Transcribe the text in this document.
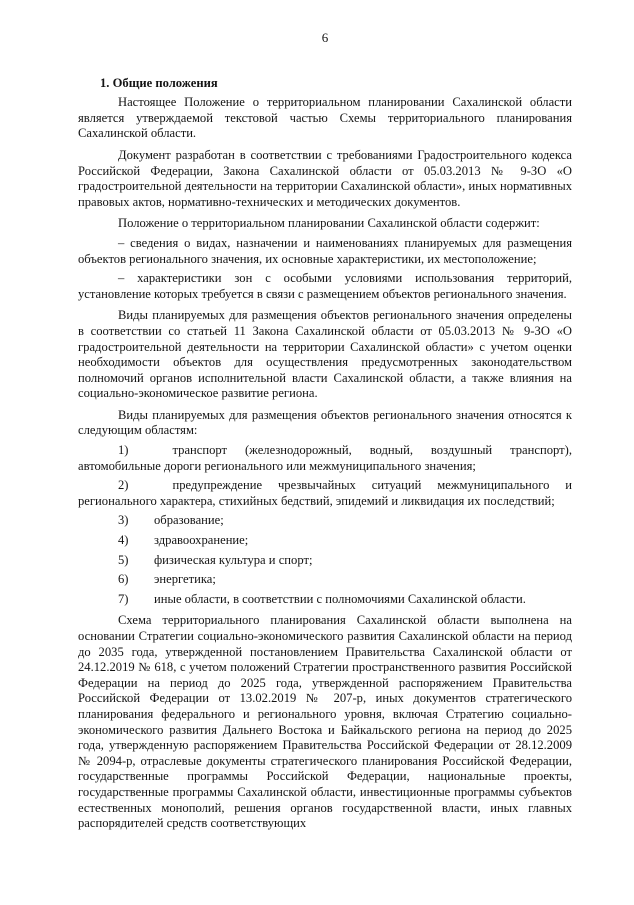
6
1. Общие положения

Настоящее Положение о территориальном планировании Сахалинской области является утверждаемой текстовой частью Схемы территориального планирования Сахалинской области.

Документ разработан в соответствии с требованиями Градостроительного кодекса Российской Федерации, Закона Сахалинской области от 05.03.2013 № 9-ЗО «О градостроительной деятельности на территории Сахалинской области», иных нормативных правовых актов, нормативно-технических и методических документов.

Положение о территориальном планировании Сахалинской области содержит:

– сведения о видах, назначении и наименованиях планируемых для размещения объектов регионального значения, их основные характеристики, их местоположение;

– характеристики зон с особыми условиями использования территорий, установление которых требуется в связи с размещением объектов регионального значения.

Виды планируемых для размещения объектов регионального значения определены в соответствии со статьей 11 Закона Сахалинской области от 05.03.2013 № 9-ЗО «О градостроительной деятельности на территории Сахалинской области» с учетом оценки необходимости объектов для осуществления предусмотренных законодательством полномочий органов исполнительной власти Сахалинской области, а также влияния на социально-экономическое развитие региона.

Виды планируемых для размещения объектов регионального значения относятся к следующим областям:

1)	транспорт (железнодорожный, водный, воздушный транспорт), автомобильные дороги регионального или межмуниципального значения;

2)	предупреждение чрезвычайных ситуаций межмуниципального и регионального характера, стихийных бедствий, эпидемий и ликвидация их последствий;

3)	образование;
4)	здравоохранение;
5)	физическая культура и спорт;
6)	энергетика;
7)	иные области, в соответствии с полномочиями Сахалинской области.

Схема территориального планирования Сахалинской области выполнена на основании Стратегии социально-экономического развития Сахалинской области на период до 2035 года, утвержденной постановлением Правительства Сахалинской области от 24.12.2019 № 618, с учетом положений Стратегии пространственного развития Российской Федерации на период до 2025 года, утвержденной распоряжением Правительства Российской Федерации от 13.02.2019 № 207-р, иных документов стратегического планирования федерального и регионального уровня, включая Стратегию социально-экономического развития Дальнего Востока и Байкальского региона на период до 2025 года, утвержденную распоряжением Правительства Российской Федерации от 28.12.2009 № 2094-р, отраслевые документы стратегического планирования Российской Федерации, государственные программы Российской Федерации, национальные проекты, государственные программы Сахалинской области, инвестиционные программы субъектов естественных монополий, решения органов государственной власти, иных главных распорядителей средств соответствующих
